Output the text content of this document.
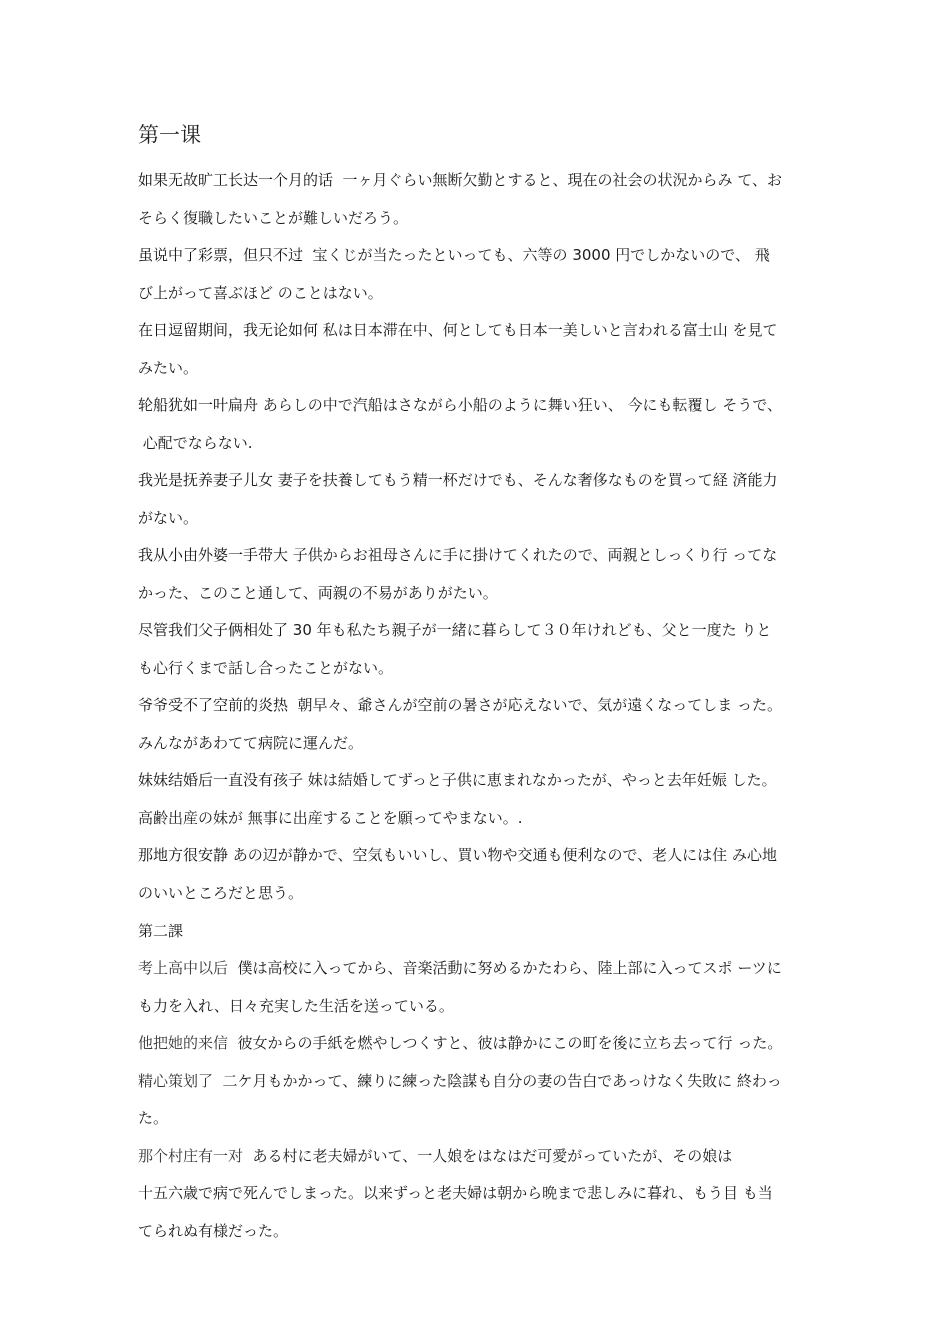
第一课

如果无故旷工长达一个月的话  一ヶ月ぐらい無断欠勤とすると、現在の社会の状況からみ て、お
そらく復職したいことが難しいだろう。

虽说中了彩票，但只不过  宝くじが当たったといっても、六等の 3000 円でしかないので、 飛
び上がって喜ぶほど のことはない。

在日逗留期间，我无论如何 私は日本滞在中、何としても日本一美しいと言われる富士山 を見て
みたい。

轮船犹如一叶扁舟 あらしの中で汽船はさながら小船のように舞い狂い、 今にも転覆し そうで、
心配でならない.

我光是抚养妻子儿女 妻子を扶養してもう精一杯だけでも、そんな奢侈なものを買って経 済能力
がない。

我从小由外婆一手带大 子供からお祖母さんに手に掛けてくれたので、両親としっくり行 ってな
かった、このこと通して、両親の不易がありがたい。

尽管我们父子俩相处了 30 年も私たち親子が一緒に暮らして３０年けれども、父と一度た りと
も心行くまで話し合ったことがない。

爷爷受不了空前的炎热  朝早々、爺さんが空前の暑さが応えないで、気が遠くなってしま った。
みんながあわてて病院に運んだ。

妹妹结婚后一直没有孩子 妹は結婚してずっと子供に恵まれなかったが、やっと去年妊娠 した。
高齢出産の妹が 無事に出産することを願ってやまない。.

那地方很安静 あの辺が静かで、空気もいいし、買い物や交通も便利なので、老人には住 み心地
のいいところだと思う。

第二課

考上高中以后  僕は高校に入ってから、音楽活動に努めるかたわら、陸上部に入ってスポ ーツに
も力を入れ、日々充実した生活を送っている。

他把她的来信  彼女からの手紙を燃やしつくすと、彼は静かにこの町を後に立ち去って行 った。

精心策划了  二ケ月もかかって、練りに練った陰謀も自分の妻の告白であっけなく失敗に 終わっ
た。

那个村庄有一对  ある村に老夫婦がいて、一人娘をはなはだ可愛がっていたが、その娘は
十五六歳で病で死んでしまった。以来ずっと老夫婦は朝から晩まで悲しみに暮れ、もう目 も当
てられぬ有様だった。
